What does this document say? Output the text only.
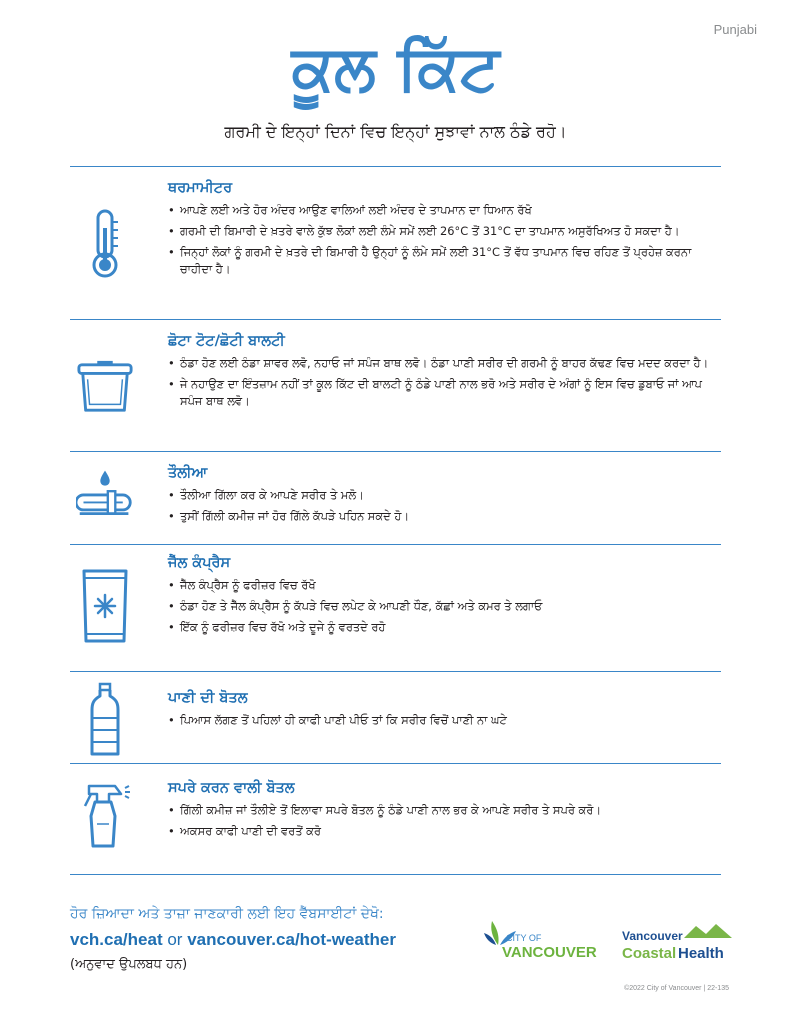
Punjabi
ਕੂਲ ਕਿੱਟ
ਗਰਮੀ ਦੇ ਇਨ੍ਹਾਂ ਦਿਨਾਂ ਵਿਚ ਇਨ੍ਹਾਂ ਸੁਝਾਵਾਂ ਨਾਲ ਠੰਡੇ ਰਹੋ।
ਥਰਮਾਮੀਟਰ
• ਆਪਣੇ ਲਈ ਅਤੇ ਹੋਰ ਅੰਦਰ ਆਉਣ ਵਾਲਿਆਂ ਲਈ ਅੰਦਰ ਦੇ ਤਾਪਮਾਨ ਦਾ ਧਿਆਨ ਰੱਖੋ
• ਗਰਮੀ ਦੀ ਬਿਮਾਰੀ ਦੇ ਖ਼ਤਰੇ ਵਾਲੇ ਕੁੱਝ ਲੋਕਾਂ ਲਈ ਲੰਮੇ ਸਮੇਂ ਲਈ 26°C ਤੋਂ 31°C ਦਾ ਤਾਪਮਾਨ ਅਸੁਰੱਖਿਅਤ ਹੋ ਸਕਦਾ ਹੈ।
• ਜਿਨ੍ਹਾਂ ਲੋਕਾਂ ਨੂੰ ਗਰਮੀ ਦੇ ਖ਼ਤਰੇ ਦੀ ਬਿਮਾਰੀ ਹੈ ਉਨ੍ਹਾਂ ਨੂੰ ਲੰਮੇ ਸਮੇਂ ਲਈ 31°C ਤੋਂ ਵੱਧ ਤਾਪਮਾਨ ਵਿਚ ਰਹਿਣ ਤੋਂ ਪ੍ਰਹੇਜ਼ ਕਰਨਾ ਚਾਹੀਦਾ ਹੈ।
ਛੋਟਾ ਟੋਟ/ਛੋਟੀ ਬਾਲਟੀ
• ਠੰਡਾ ਹੋਣ ਲਈ ਠੰਡਾ ਸ਼ਾਵਰ ਲਵੋ, ਨਹਾਓ ਜਾਂ ਸਪੰਜ ਬਾਥ ਲਵੋ। ਠੰਡਾ ਪਾਣੀ ਸਰੀਰ ਦੀ ਗਰਮੀ ਨੂੰ ਬਾਹਰ ਕੱਢਣ ਵਿਚ ਮਦਦ ਕਰਦਾ ਹੈ।
• ਜੇ ਨਹਾਉਣ ਦਾ ਇੰਤਜ਼ਾਮ ਨਹੀਂ ਤਾਂ ਕੂਲ ਕਿੱਟ ਦੀ ਬਾਲਟੀ ਨੂੰ ਠੰਡੇ ਪਾਣੀ ਨਾਲ ਭਰੋ ਅਤੇ ਸਰੀਰ ਦੇ ਅੰਗਾਂ ਨੂੰ ਇਸ ਵਿਚ ਡੁਬਾਓ ਜਾਂ ਆਪ ਸਪੰਜ ਬਾਥ ਲਵੋ।
ਤੌਲੀਆ
• ਤੌਲੀਆ ਗਿੱਲਾ ਕਰ ਕੇ ਆਪਣੇ ਸਰੀਰ ਤੇ ਮਲੋ।
• ਤੁਸੀਂ ਗਿੱਲੀ ਕਮੀਜ਼ ਜਾਂ ਹੋਰ ਗਿੱਲੇ ਕੱਪੜੇ ਪਹਿਨ ਸਕਦੇ ਹੋ।
ਜੈੱਲ ਕੰਪ੍ਰੈਸ
• ਜੈੱਲ ਕੰਪ੍ਰੈਸ ਨੂੰ ਫਰੀਜ਼ਰ ਵਿਚ ਰੱਖੋ
• ਠੰਡਾ ਹੋਣ ਤੇ ਜੈੱਲ ਕੰਪ੍ਰੈਸ ਨੂੰ ਕੱਪੜੇ ਵਿਚ ਲਪੇਟ ਕੇ ਆਪਣੀ ਧੌਣ, ਕੱਛਾਂ ਅਤੇ ਕਮਰ ਤੇ ਲਗਾਓ
• ਇੱਕ ਨੂੰ ਫਰੀਜ਼ਰ ਵਿਚ ਰੱਖੋ ਅਤੇ ਦੂਜੇ ਨੂੰ ਵਰਤਦੇ ਰਹੋ
ਪਾਣੀ ਦੀ ਬੋਤਲ
• ਪਿਆਸ ਲੱਗਣ ਤੋਂ ਪਹਿਲਾਂ ਹੀ ਕਾਫੀ ਪਾਣੀ ਪੀਓ ਤਾਂ ਕਿ ਸਰੀਰ ਵਿਚੋਂ ਪਾਣੀ ਨਾ ਘਟੇ
ਸਪਰੇ ਕਰਨ ਵਾਲੀ ਬੋਤਲ
• ਗਿੱਲੀ ਕਮੀਜ਼ ਜਾਂ ਤੌਲੀਏ ਤੋਂ ਇਲਾਵਾ ਸਪਰੇ ਬੋਤਲ ਨੂੰ ਠੰਡੇ ਪਾਣੀ ਨਾਲ ਭਰ ਕੇ ਆਪਣੇ ਸਰੀਰ ਤੇ ਸਪਰੇ ਕਰੋ।
• ਅਕਸਰ ਕਾਫੀ ਪਾਣੀ ਦੀ ਵਰਤੋਂ ਕਰੋ
ਹੋਰ ਜ਼ਿਆਦਾ ਅਤੇ ਤਾਜ਼ਾ ਜਾਣਕਾਰੀ ਲਈ ਇਹ ਵੈੱਬਸਾਈਟਾਂ ਦੇਖੋ:
vch.ca/heat or vancouver.ca/hot-weather
(ਅਨੁਵਾਦ ਉਪਲਬਧ ਹਨ)
CITY OF
VANCOUVER
Vancouver
Coastal Health
©2022 City of Vancouver | 22-135
